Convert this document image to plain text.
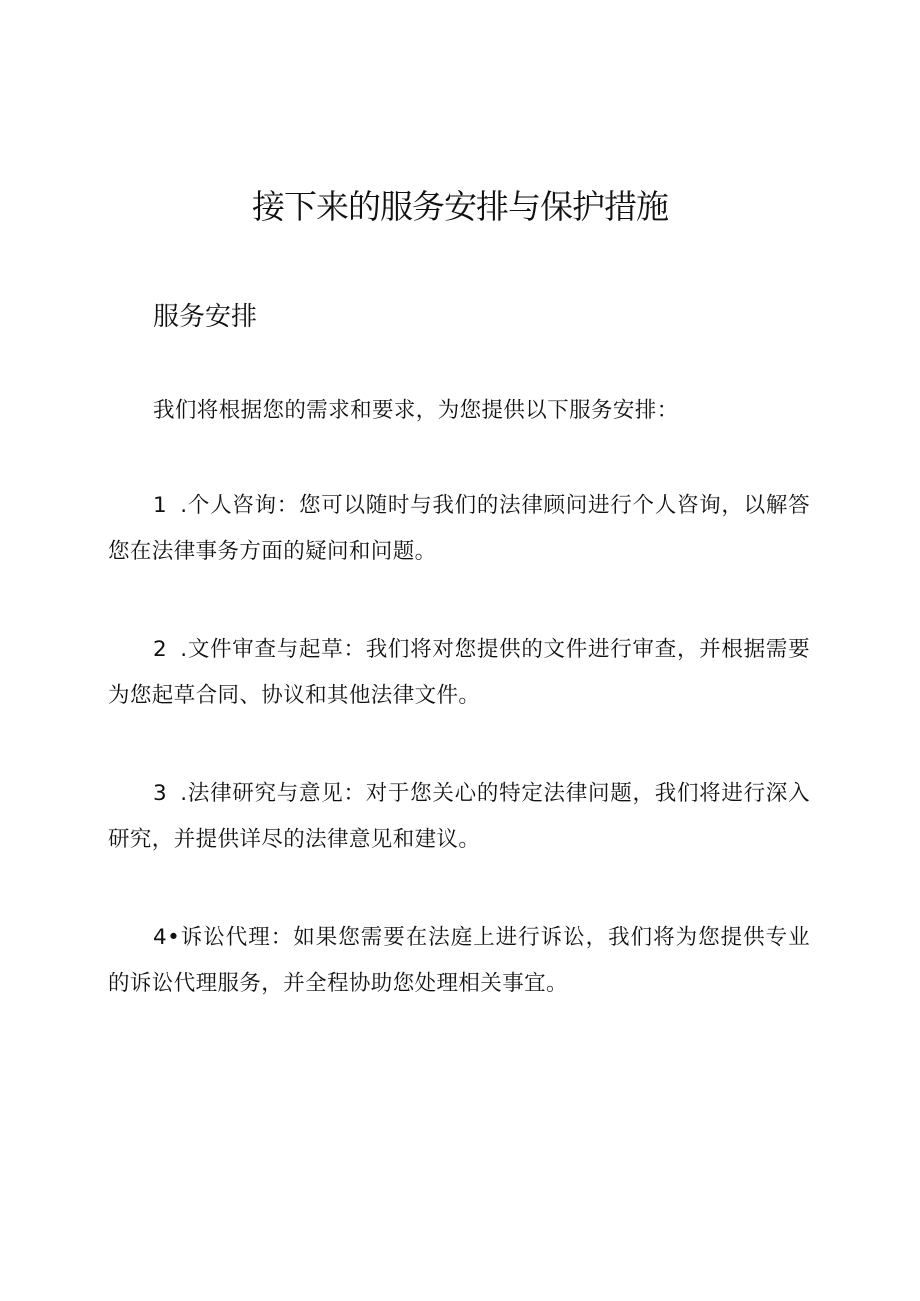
接下来的服务安排与保护措施
服务安排

我们将根据您的需求和要求，为您提供以下服务安排：

1 .个人咨询：您可以随时与我们的法律顾问进行个人咨询，以解答您在法律事务方面的疑问和问题。

2 .文件审查与起草：我们将对您提供的文件进行审查，并根据需要为您起草合同、协议和其他法律文件。

3 .法律研究与意见：对于您关心的特定法律问题，我们将进行深入研究，并提供详尽的法律意见和建议。

4•诉讼代理：如果您需要在法庭上进行诉讼，我们将为您提供专业的诉讼代理服务，并全程协助您处理相关事宜。
